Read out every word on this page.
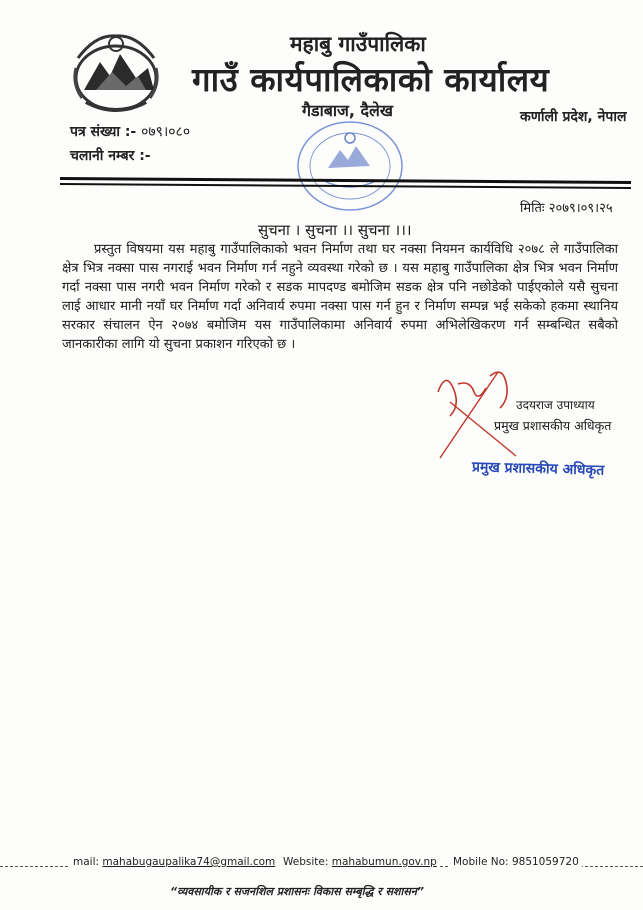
महाबु गाउँपालिका
गाउँ कार्यपालिकाको कार्यालय
गैडाबाज, दैलेख	कर्णाली प्रदेश, नेपाल
पत्र संख्या :- ०७९।०८०
चलानी नम्बर :-
मितिः २०७९।०९।२५
सुचना । सुचना ।। सुचना ।।।
प्रस्तुत विषयमा यस महाबु गाउँपालिकाको भवन निर्माण तथा घर नक्सा नियमन कार्यविधि २०७८ ले गाउँपालिका क्षेत्र भित्र नक्सा पास नगराई भवन निर्माण गर्न नहुने व्यवस्था गरेको छ । यस महाबु गाउँपालिका क्षेत्र भित्र भवन निर्माण गर्दा नक्सा पास नगरी भवन निर्माण गरेको र सडक मापदण्ड बमोजिम सडक क्षेत्र पनि नछोडेको पाईएकोले यसै सुचना लाई आधार मानी नयाँ घर निर्माण गर्दा अनिवार्य रुपमा नक्सा पास गर्न हुन र निर्माण सम्पन्न भई सकेको हकमा स्थानिय सरकार संचालन ऐन २०७४ बमोजिम यस गाउँपालिकामा अनिवार्य रुपमा अभिलेखिकरण गर्न सम्बन्धित सबैको जानकारीका लागि यो सुचना प्रकाशन गरिएको छ ।
उदयराज उपाध्याय
प्रमुख प्रशासकीय अधिकृत
प्रमुख प्रशासकीय अधिकृत
mail: mahabugaupalika74@gmail.com Website: mahabumun.gov.np Mobile No: 9851059720
“व्यवसायीक र सजनशिल प्रशासनः विकास सम्बृद्धि र सशासन”
